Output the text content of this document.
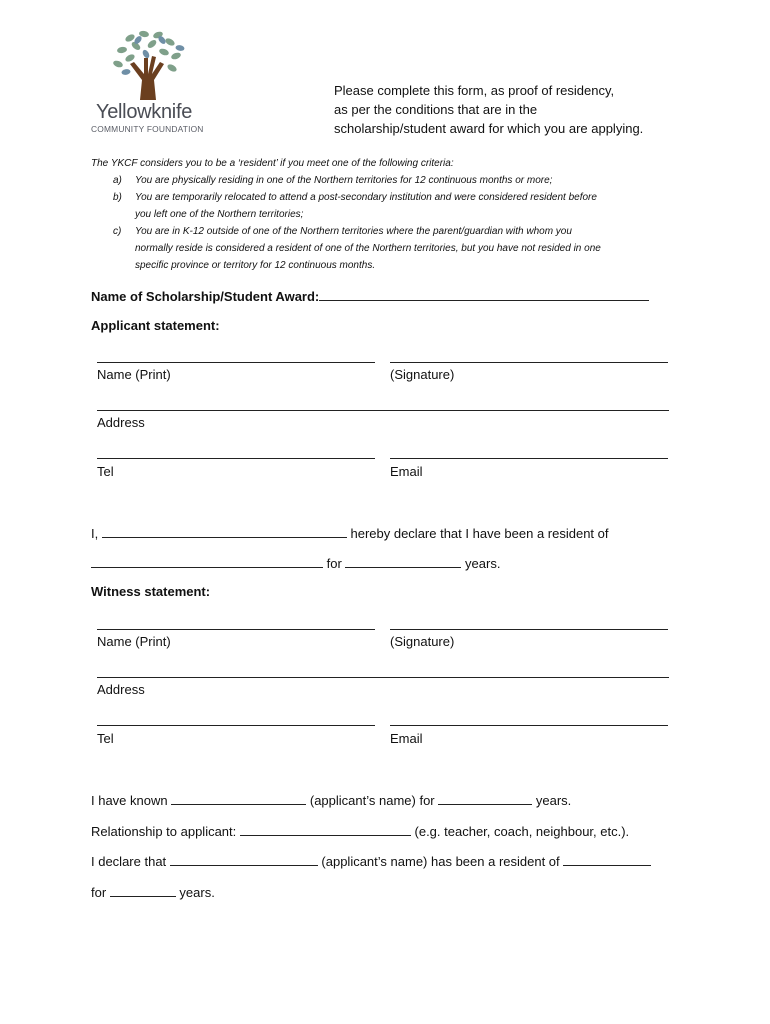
Yellowknife
COMMUNITY FOUNDATION
Please complete this form, as proof of residency,
as per the conditions that are in the
scholarship/student award for which you are applying.
The YKCF considers you to be a ‘resident’ if you meet one of the following criteria:
a) You are physically residing in one of the Northern territories for 12 continuous months or more;
b) You are temporarily relocated to attend a post-secondary institution and were considered resident before
you left one of the Northern territories;
c) You are in K-12 outside of one of the Northern territories where the parent/guardian with whom you
normally reside is considered a resident of one of the Northern territories, but you have not resided in one
specific province or territory for 12 continuous months.
Name of Scholarship/Student Award:
Applicant statement:
Name (Print)	(Signature)
Address
Tel	Email
I,	hereby declare that I have been a resident of
for	years.
Witness statement:
Name (Print)	(Signature)
Address
Tel	Email
I have known	(applicant’s name) for	years.
Relationship to applicant:	(e.g. teacher, coach, neighbour, etc.).
I declare that	(applicant’s name) has been a resident of
for	years.
